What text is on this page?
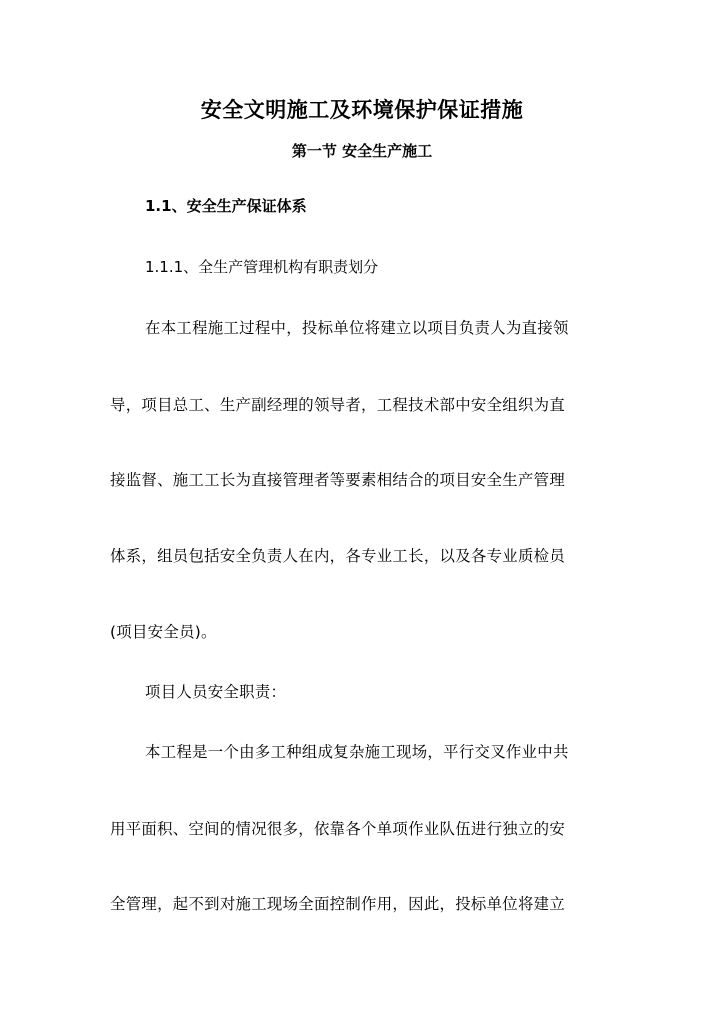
安全文明施工及环境保护保证措施
第一节 安全生产施工
1.1、安全生产保证体系
1.1.1、全生产管理机构有职责划分
在本工程施工过程中，投标单位将建立以项目负责人为直接领
导，项目总工、生产副经理的领导者，工程技术部中安全组织为直
接监督、施工工长为直接管理者等要素相结合的项目安全生产管理
体系，组员包括安全负责人在内，各专业工长，以及各专业质检员
(项目安全员)。
项目人员安全职责：
本工程是一个由多工种组成复杂施工现场，平行交叉作业中共
用平面积、空间的情况很多，依靠各个单项作业队伍进行独立的安
全管理，起不到对施工现场全面控制作用，因此，投标单位将建立
